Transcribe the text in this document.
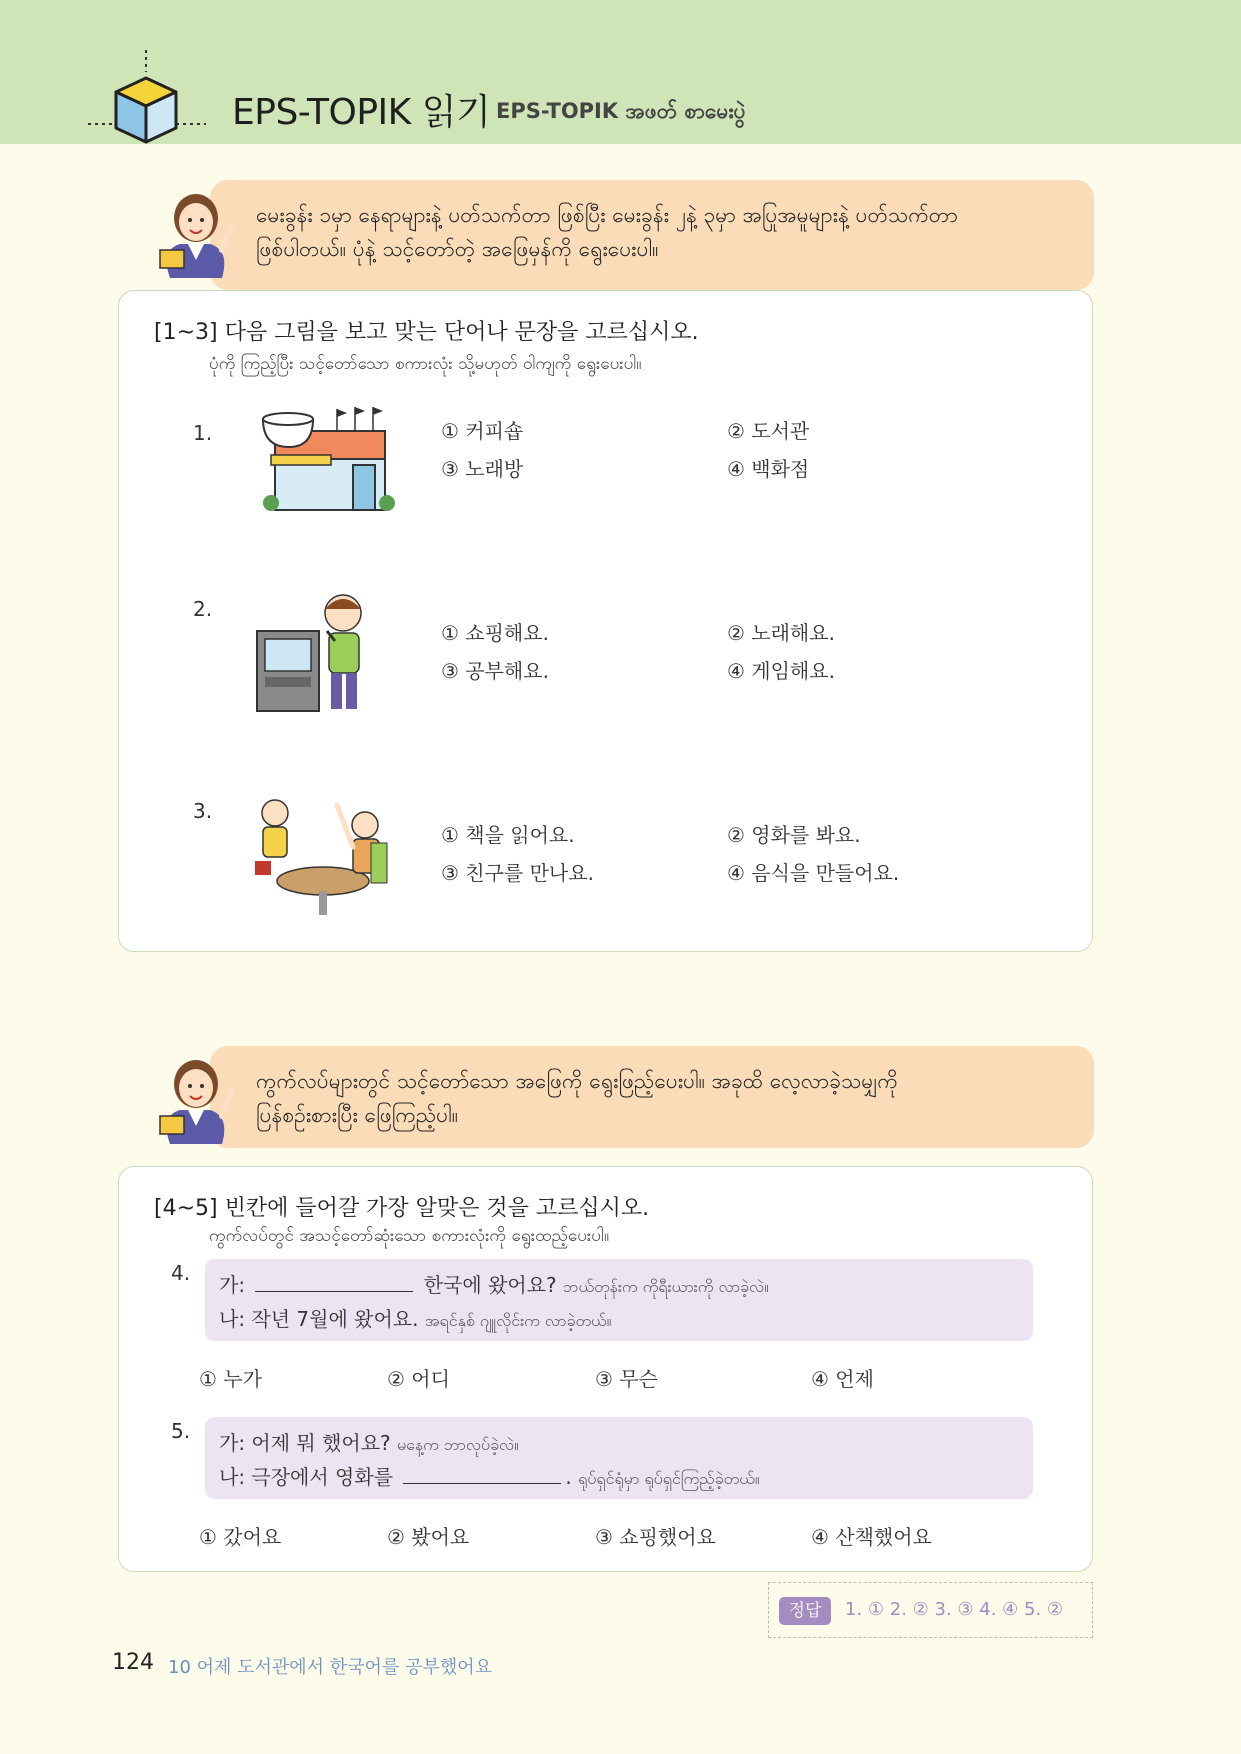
EPS-TOPIK 읽기 EPS-TOPIK အဖတ် စာမေးပွဲ
မေးခွန်း ၁မှာ နေရာများနဲ့ ပတ်သက်တာ ဖြစ်ပြီး မေးခွန်း ၂နဲ့ ၃မှာ အပြုအမူများနဲ့ ပတ်သက်တာ
ဖြစ်ပါတယ်။ ပုံနဲ့ သင့်တော်တဲ့ အဖြေမှန်ကို ရွေးပေးပါ။
[1~3] 다음 그림을 보고 맞는 단어나 문장을 고르십시오.
ပုံကို ကြည့်ပြီး သင့်တော်သော စကားလုံး သို့မဟုတ် ဝါကျကို ရွေးပေးပါ။
1.	① 커피숍	② 도서관
③ 노래방	④ 백화점
2.
① 쇼핑해요.	② 노래해요.
③ 공부해요.	④ 게임해요.
3.
① 책을 읽어요.	② 영화를 봐요.
③ 친구를 만나요.	④ 음식을 만들어요.
ကွက်လပ်များတွင် သင့်တော်သော အဖြေကို ရွေးဖြည့်ပေးပါ။ အခုထိ လေ့လာခဲ့သမျှကို
ပြန်စဉ်းစားပြီး ဖြေကြည့်ပါ။
[4~5] 빈칸에 들어갈 가장 알맞은 것을 고르십시오.
ကွက်လပ်တွင် အသင့်တော်ဆုံးသော စကားလုံးကို ရွေးထည့်ပေးပါ။
4. 가:	한국에 왔어요? ဘယ်တုန်းက ကိုရီးယားကို လာခဲ့လဲ။
나: 작년 7월에 왔어요. အရင်နှစ် ဂျူလိုင်းက လာခဲ့တယ်။
① 누가	② 어디	③ 무슨	④ 언제
5. 가: 어제 뭐 했어요? မနေ့က ဘာလုပ်ခဲ့လဲ။
나: 극장에서 영화를	. ရုပ်ရှင်ရုံမှာ ရုပ်ရှင်ကြည့်ခဲ့တယ်။
① 갔어요	② 봤어요	③ 쇼핑했어요	④ 산책했어요
정답	1. ① 2. ② 3. ③ 4. ④ 5. ②
124 10 어제 도서관에서 한국어를 공부했어요
